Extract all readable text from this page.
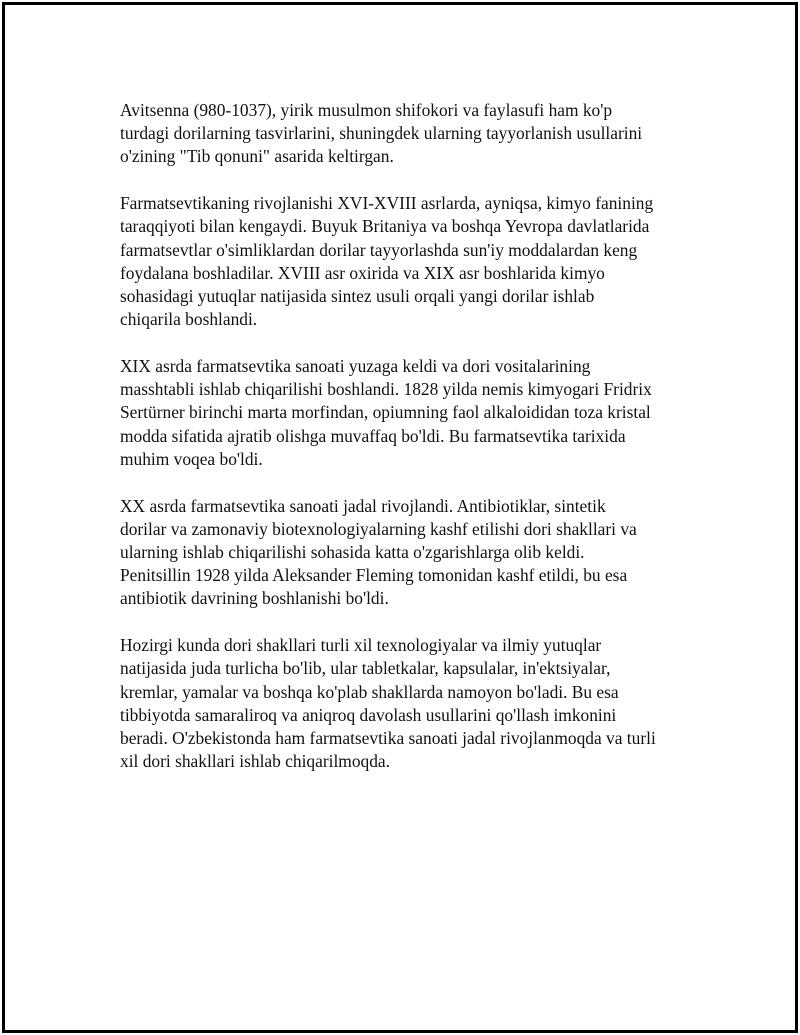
Avitsenna (980-1037), yirik musulmon shifokori va faylasufi ham ko'p
turdagi dorilarning tasvirlarini, shuningdek ularning tayyorlanish usullarini
o'zining "Tib qonuni" asarida keltirgan.

Farmatsevtikaning rivojlanishi XVI-XVIII asrlarda, ayniqsa, kimyo fanining
taraqqiyoti bilan kengaydi. Buyuk Britaniya va boshqa Yevropa davlatlarida
farmatsevtlar o'simliklardan dorilar tayyorlashda sun'iy moddalardan keng
foydalana boshladilar. XVIII asr oxirida va XIX asr boshlarida kimyo
sohasidagi yutuqlar natijasida sintez usuli orqali yangi dorilar ishlab
chiqarila boshlandi.

XIX asrda farmatsevtika sanoati yuzaga keldi va dori vositalarining
masshtabli ishlab chiqarilishi boshlandi. 1828 yilda nemis kimyogari Fridrix
Sertürner birinchi marta morfindan, opiumning faol alkaloididan toza kristal
modda sifatida ajratib olishga muvaffaq bo'ldi. Bu farmatsevtika tarixida
muhim voqea bo'ldi.

XX asrda farmatsevtika sanoati jadal rivojlandi. Antibiotiklar, sintetik
dorilar va zamonaviy biotexnologiyalarning kashf etilishi dori shakllari va
ularning ishlab chiqarilishi sohasida katta o'zgarishlarga olib keldi.
Penitsillin 1928 yilda Aleksander Fleming tomonidan kashf etildi, bu esa
antibiotik davrining boshlanishi bo'ldi.

Hozirgi kunda dori shakllari turli xil texnologiyalar va ilmiy yutuqlar
natijasida juda turlicha bo'lib, ular tabletkalar, kapsulalar, in'ektsiyalar,
kremlar, yamalar va boshqa ko'plab shakllarda namoyon bo'ladi. Bu esa
tibbiyotda samaraliroq va aniqroq davolash usullarini qo'llash imkonini
beradi. O'zbekistonda ham farmatsevtika sanoati jadal rivojlanmoqda va turli
xil dori shakllari ishlab chiqarilmoqda.
